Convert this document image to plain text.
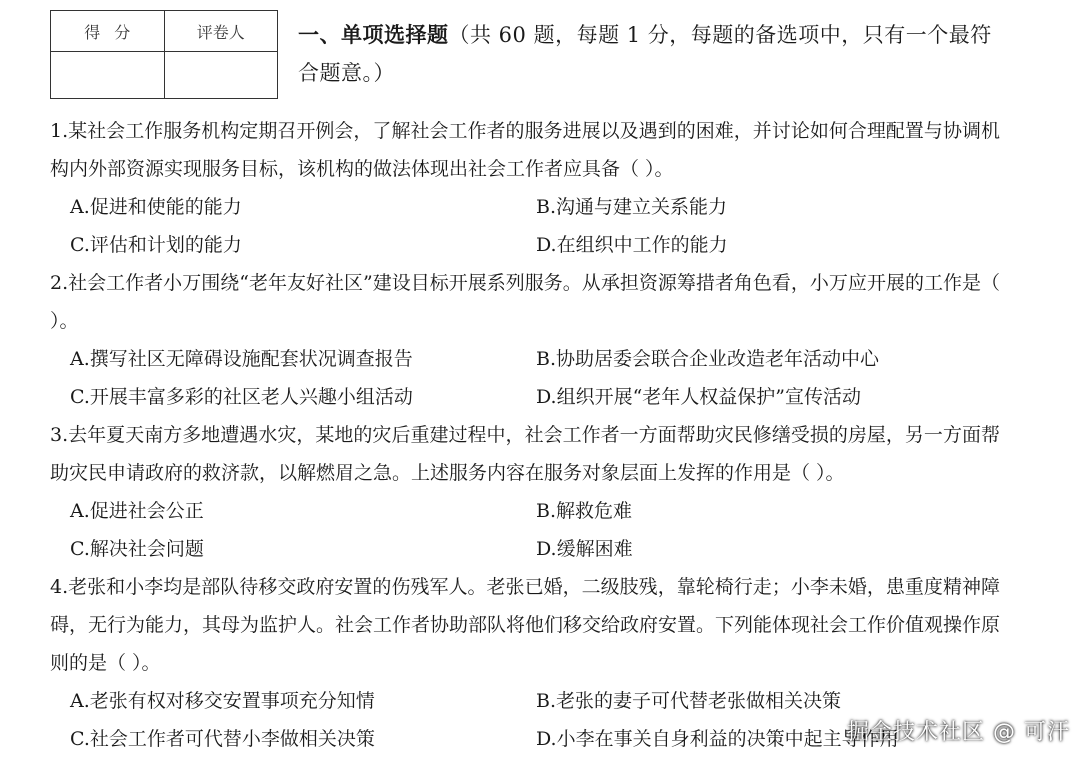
得分	评卷人
		一、单项选择题（共 60 题，每题 1 分，每题的备选项中，只有一个最符合题意。）

1.某社会工作服务机构定期召开例会，了解社会工作者的服务进展以及遇到的困难，并讨论如何合理配置与协调机构内外部资源实现服务目标，该机构的做法体现出社会工作者应具备（ ）。

A.促进和使能的能力	B.沟通与建立关系能力
C.评估和计划的能力	D.在组织中工作的能力

2.社会工作者小万围绕“老年友好社区”建设目标开展系列服务。从承担资源筹措者角色看，小万应开展的工作是（ ）。

A.撰写社区无障碍设施配套状况调查报告	B.协助居委会联合企业改造老年活动中心
C.开展丰富多彩的社区老人兴趣小组活动	D.组织开展“老年人权益保护”宣传活动

3.去年夏天南方多地遭遇水灾，某地的灾后重建过程中，社会工作者一方面帮助灾民修缮受损的房屋，另一方面帮助灾民申请政府的救济款，以解燃眉之急。上述服务内容在服务对象层面上发挥的作用是（ ）。

A.促进社会公正	B.解救危难
C.解决社会问题	D.缓解困难

4.老张和小李均是部队待移交政府安置的伤残军人。老张已婚，二级肢残，靠轮椅行走；小李未婚，患重度精神障碍，无行为能力，其母为监护人。社会工作者协助部队将他们移交给政府安置。下列能体现社会工作价值观操作原则的是（ ）。

A.老张有权对移交安置事项充分知情	B.老张的妻子可代替老张做相关决策
C.社会工作者可代替小李做相关决策	D.小李在事关自身利益的决策中起主导作用
掘金技术社区 @ 可汗
